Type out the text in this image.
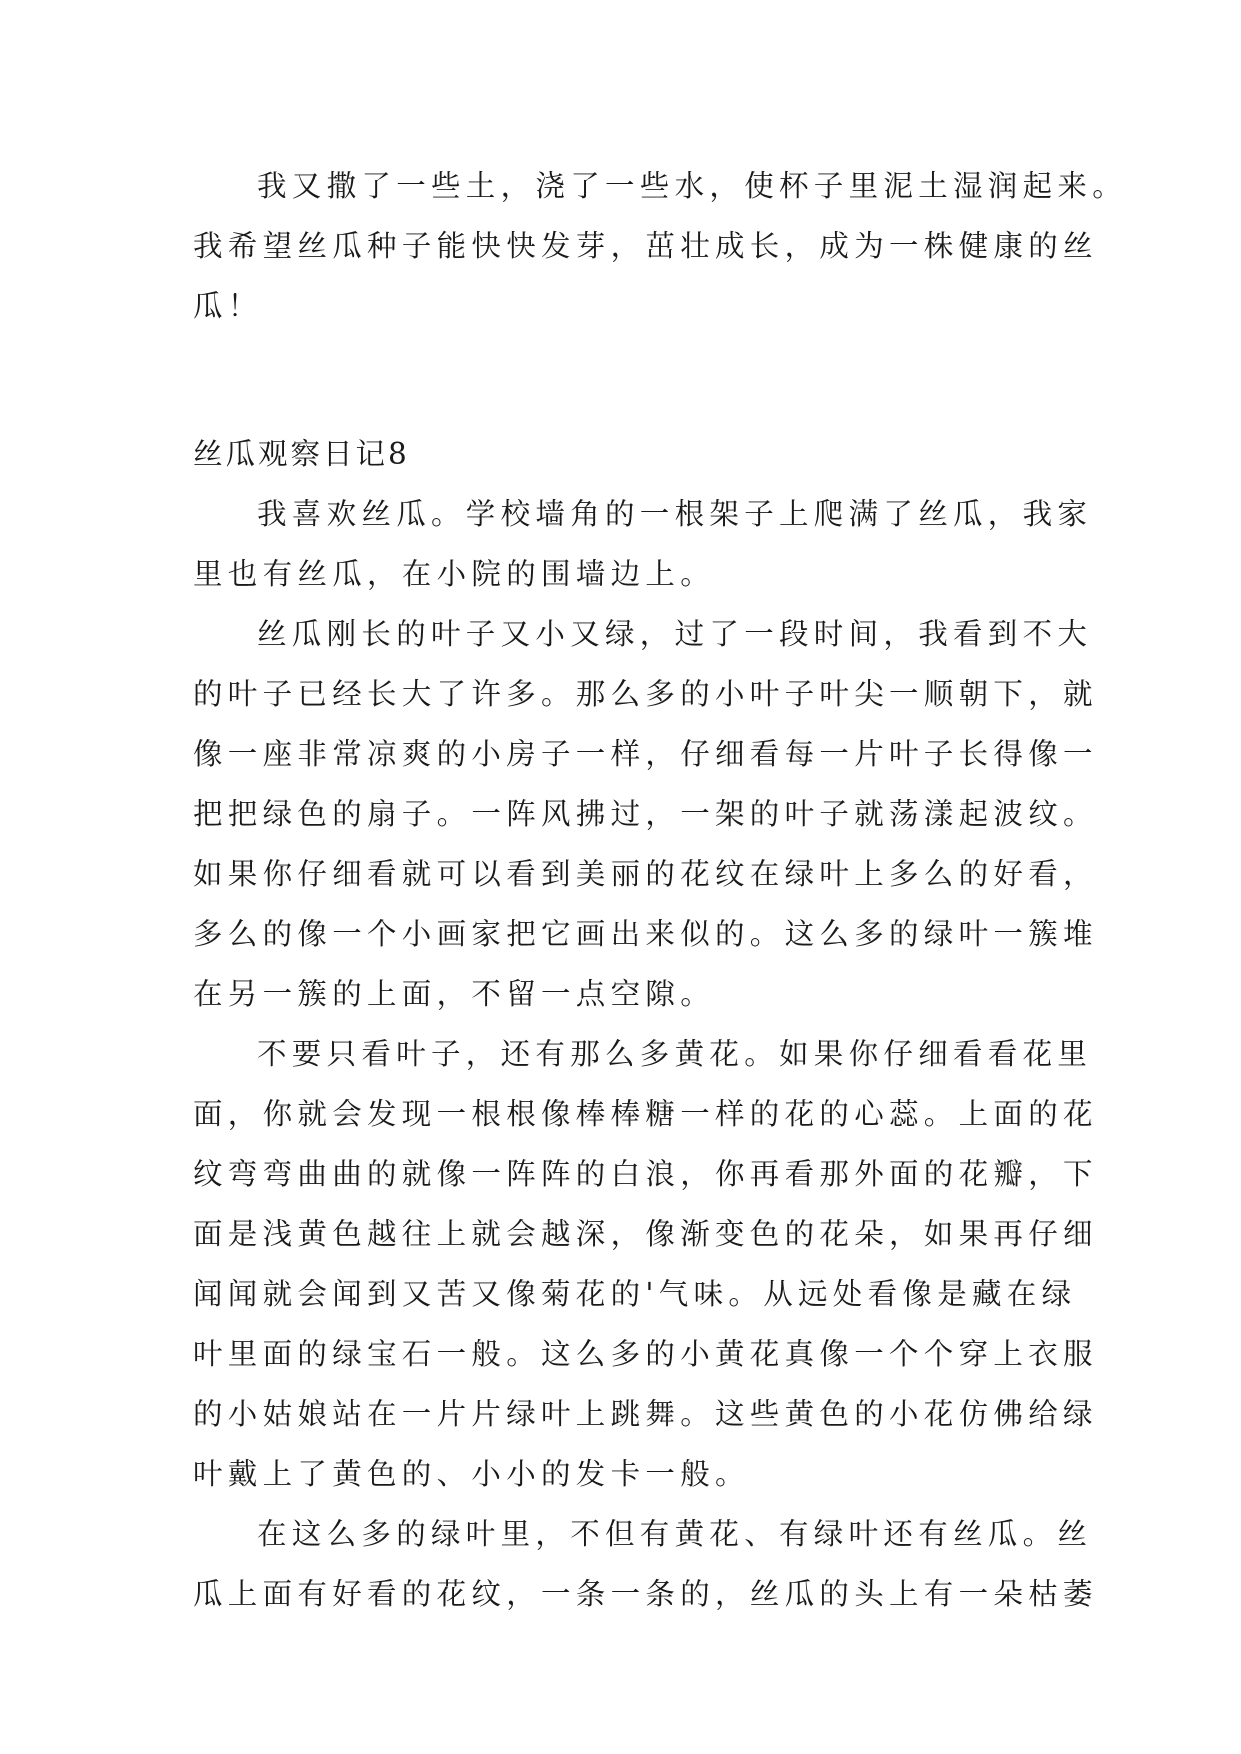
我又撒了一些土，浇了一些水，使杯子里泥土湿润起来。
我希望丝瓜种子能快快发芽，茁壮成长，成为一株健康的丝
瓜！
丝瓜观察日记8
我喜欢丝瓜。学校墙角的一根架子上爬满了丝瓜，我家
里也有丝瓜，在小院的围墙边上。
丝瓜刚长的叶子又小又绿，过了一段时间，我看到不大
的叶子已经长大了许多。那么多的小叶子叶尖一顺朝下，就
像一座非常凉爽的小房子一样，仔细看每一片叶子长得像一
把把绿色的扇子。一阵风拂过，一架的叶子就荡漾起波纹。
如果你仔细看就可以看到美丽的花纹在绿叶上多么的好看，
多么的像一个小画家把它画出来似的。这么多的绿叶一簇堆
在另一簇的上面，不留一点空隙。
不要只看叶子，还有那么多黄花。如果你仔细看看花里
面，你就会发现一根根像棒棒糖一样的花的心蕊。上面的花
纹弯弯曲曲的就像一阵阵的白浪，你再看那外面的花瓣，下
面是浅黄色越往上就会越深，像渐变色的花朵，如果再仔细
闻闻就会闻到又苦又像菊花的'气味。从远处看像是藏在绿
叶里面的绿宝石一般。这么多的小黄花真像一个个穿上衣服
的小姑娘站在一片片绿叶上跳舞。这些黄色的小花仿佛给绿
叶戴上了黄色的、小小的发卡一般。
在这么多的绿叶里，不但有黄花、有绿叶还有丝瓜。丝
瓜上面有好看的花纹，一条一条的，丝瓜的头上有一朵枯萎
